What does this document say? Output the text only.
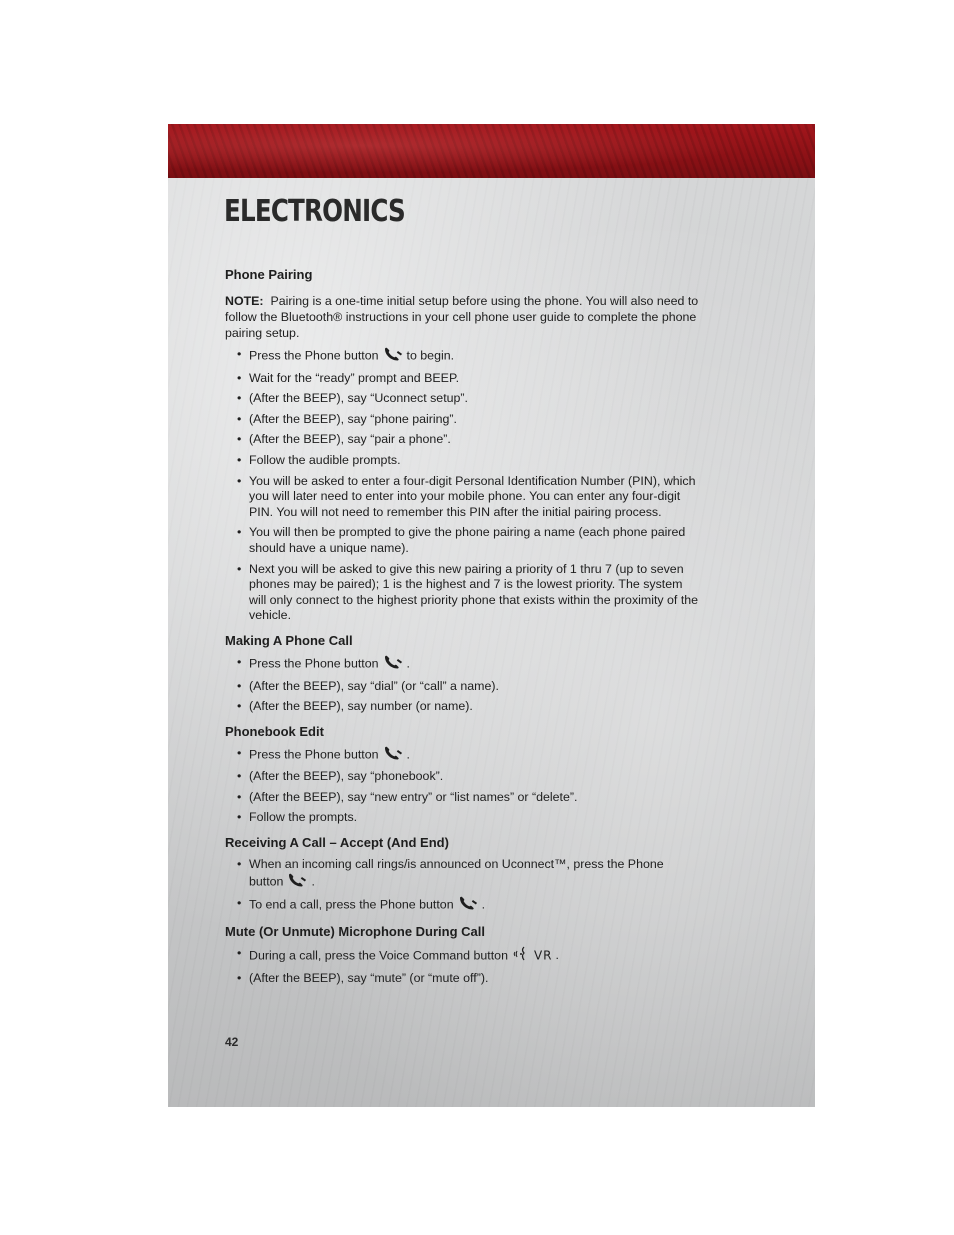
ELECTRONICS
Phone Pairing

NOTE: Pairing is a one-time initial setup before using the phone. You will also need to follow the Bluetooth® instructions in your cell phone user guide to complete the phone pairing setup.

• Press the Phone button to begin.
• Wait for the “ready” prompt and BEEP.
• (After the BEEP), say “Uconnect setup”.
• (After the BEEP), say “phone pairing”.
• (After the BEEP), say “pair a phone”.
• Follow the audible prompts.
• You will be asked to enter a four-digit Personal Identification Number (PIN), which you will later need to enter into your mobile phone. You can enter any four-digit PIN. You will not need to remember this PIN after the initial pairing process.
• You will then be prompted to give the phone pairing a name (each phone paired should have a unique name).
• Next you will be asked to give this new pairing a priority of 1 thru 7 (up to seven phones may be paired); 1 is the highest and 7 is the lowest priority. The system will only connect to the highest priority phone that exists within the proximity of the vehicle.
Making A Phone Call
• Press the Phone button .
• (After the BEEP), say “dial” (or “call” a name).
• (After the BEEP), say number (or name).
Phonebook Edit
• Press the Phone button .
• (After the BEEP), say “phonebook”.
• (After the BEEP), say “new entry” or “list names” or “delete”.
• Follow the prompts.
Receiving A Call – Accept (And End)
• When an incoming call rings/is announced on Uconnect™, press the Phone button .
• To end a call, press the Phone button .
Mute (Or Unmute) Microphone During Call
• During a call, press the Voice Command button VR .
• (After the BEEP), say “mute” (or “mute off”).
42
